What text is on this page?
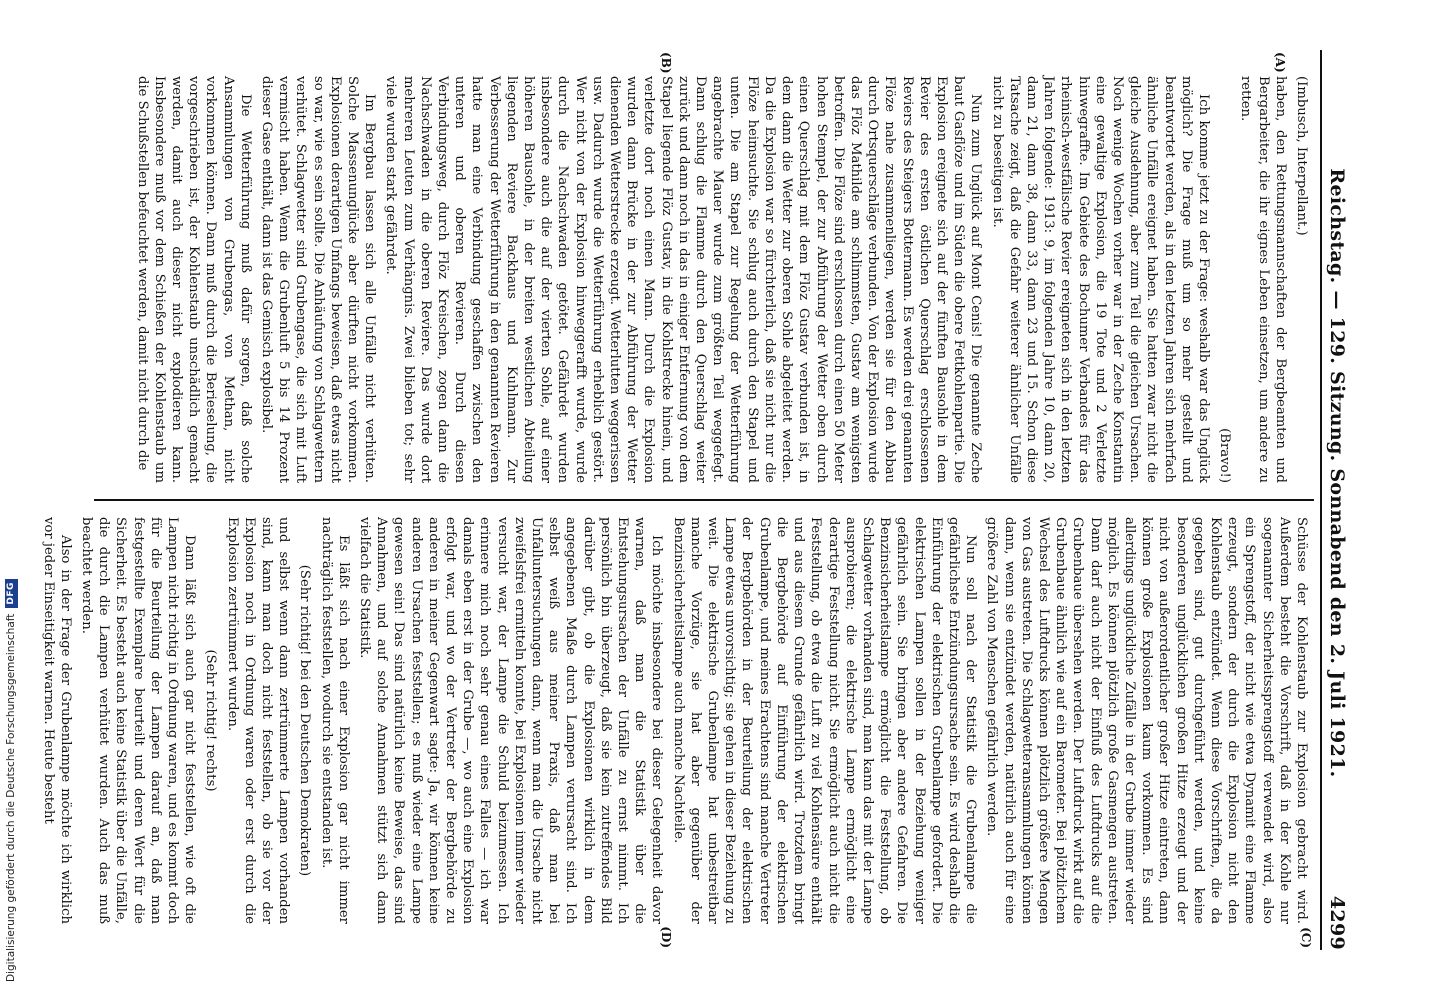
Reichstag. — 129. Sitzung. Sonnabend den 2. Juli 1921.
4299
(A)
(B)

(Imbusch, Interpellant.)

haben, den Rettungsmannschaften der Bergbeamten und Bergarbeiter, die ihr eignes Leben einsetzen, um andere zu retten.

(Bravo!)

Ich komme jetzt zu der Frage: weshalb war das Unglück möglich? Die Frage muß um so mehr gestellt und beantwortet werden, als in den letzten Jahren sich mehrfach ähnliche Unfälle ereignet haben. Sie hatten zwar nicht die gleiche Ausdehnung, aber zum Teil die gleichen Ursachen. Noch wenige Wochen vorher war in der Zeche Konstantin eine gewaltige Explosion, die 19 Tote und 2 Verletzte hinwegraffte. Im Gebiete des Bochumer Verbandes für das rheinisch-westfälische Revier ereigneten sich in den letzten Jahren folgende: 1913: 9, im folgenden Jahre 10, dann 20, dann 21, dann 38, dann 33, dann 23 und 15. Schon diese Tatsache zeigt, daß die Gefahr weiterer ähnlicher Unfälle nicht zu beseitigen ist.

Nun zum Unglück auf Mont Cenis! Die genannte Zeche baut Gasflöze und im Süden die obere Fettkohlenpartie. Die Explosion ereignete sich auf der fünften Bausohle in dem Revier des ersten östlichen Querschlag erschlossenen Reviers des Steigers Bottermann. Es werden drei genannten Flöze nahe zusammenliegen, werden sie für den Abbau durch Ortsquerschläge verbunden. Von der Explosion wurde das Flöz Mathilde am schlimmsten, Gustav am wenigsten betroffen. Die Flöze sind erschlossen durch einen 50 Meter hohen Stempel, der zur Abführung der Wetter oben durch einen Querschlag mit dem Flöz Gustav verbunden ist, in dem dann die Wetter zur oberen Sohle abgeleitet werden. Da die Explosion war so fürchterlich, daß sie nicht nur die Flöze heimsuchte. Sie schlug auch durch den Stapel und unten. Die am Stapel zur Regelung der Wetterführung angebrachte Mauer wurde zum größten Teil weggefegt. Dann schlug die Flamme durch den Querschlag weiter zurück und dann noch in das in einiger Entfernung von dem Stapel liegende Flöz Gustav, in die Kohlstrecke hinein, und verletzte dort noch einen Mann. Durch die Explosion wurden dann Brücke in der zur Abführung der Wetter dienenden Wetterstrecke erzeugt. Wetterlutten weggerissen usw. Dadurch wurde die Wetterführung erheblich gestört. Wer nicht von der Explosion hinweggerafft wurde, wurde durch die Nachschwaden getötet. Gefährdet wurden insbesondere auch die auf der vierten Sohle, auf einer höheren Bausohle, in der breiten westlichen Abteilung liegenden Reviere Backhaus und Kuhlmann. Zur Verbesserung der Wetterführung in den genannten Revieren hatte man eine Verbindung geschaffen zwischen den unteren und oberen Revieren. Durch diesen Verbindungsweg, durch Flöz Kreischen, zogen dann die Nachschwaden in die oberen Reviere. Das wurde dort mehreren Leuten zum Verhängnis. Zwei blieben tot; sehr viele wurden stark gefährdet.

Im Bergbau lassen sich alle Unfälle nicht verhüten. Solche Massenunglücke aber dürften nicht vorkommen. Explosionen derartigen Umfangs beweisen, daß etwas nicht so war, wie es sein sollte. Die Anhäufung von Schlagwettern verhütet. Schlagwetter sind Grubengase, die sich mit Luft vermischt haben. Wenn die Grubenluft 5 bis 14 Prozent dieser Gase enthält, dann ist das Gemisch explosibel.

Die Wetterführung muß dafür sorgen, daß solche Ansammlungen von Grubengas, von Methan, nicht vorkommen können. Dann muß durch die Berieselung, die vorgeschrieben ist, der Kohlenstaub unschädlich gemacht werden, damit auch dieser nicht explodieren kann. Insbesondere muß vor dem Schießen der Kohlenstaub um die Schußstellen befeuchtet werden, damit nicht durch die

(C)
(D)

Schüsse der Kohlenstaub zur Explosion gebracht wird. Außerdem besteht die Vorschrift, daß in der Kohle nur sogenannter Sicherheitssprengstoff verwendet wird, also ein Sprengstoff, der nicht wie etwa Dynamit eine Flamme erzeugt, sondern der durch die Explosion nicht den Kohlenstaub entzündet. Wenn diese Vorschriften, die da gegeben sind, gut durchgeführt werden, und keine besonderen unglücklichen großen Hitze erzeugt und der nicht von außerordentlicher großer Hitze eintreten, dann können große Explosionen kaum vorkommen. Es sind allerdings unglückliche Zufälle in der Grube immer wieder möglich. Es können plötzlich große Gasmengen austreten. Dann darf auch nicht der Einfluß des Luftdrucks auf die Grubenbaue übersehen werden. Der Luftdruck wirkt auf die Grubenbaue ähnlich wie auf ein Barometer. Bei plötzlichem Wechsel des Luftdrucks können plötzlich größere Mengen von Gas austreten. Die Schlagwetteransammlungen können dann, wenn sie entzündet werden, natürlich auch für eine größere Zahl von Menschen gefährlich werden.

Nun soll nach der Statistik die Grubenlampe die gefährlichste Entzündungsursache sein. Es wird deshalb die Einführung der elektrischen Grubenlampe gefordert. Die elektrischen Lampen sollen in der Beziehung weniger gefährlich sein. Sie bringen aber andere Gefahren. Die Benzinsicherheitslampe ermöglicht die Feststellung, ob Schlagwetter vorhanden sind, man kann das mit der Lampe ausprobieren; die elektrische Lampe ermöglicht eine derartige Feststellung nicht. Sie ermöglicht auch nicht die Feststellung, ob etwa die Luft zu viel Kohlensäure enthält und aus diesem Grunde gefährlich wird. Trotzdem bringt die Bergbehörde auf Einführung der elektrischen Grubenlampe, und meines Erachtens sind manche Vertreter der Bergbehörden in der Beurteilung der elektrischen Lampe etwas unvorsichtig; sie gehen in dieser Beziehung zu weit. Die elektrische Grubenlampe hat unbestreitbar manche Vorzüge, sie hat aber gegenüber der Benzinsicherheitslampe auch manche Nachteile.

Ich möchte insbesondere bei dieser Gelegenheit davor warnen, daß man die Statistik über die Entstehungsursachen der Unfälle zu ernst nimmt. Ich persönlich bin überzeugt, daß sie kein zutreffendes Bild darüber gibt, ob die Explosionen wirklich in dem angegebenen Maße durch Lampen verursacht sind. Ich selbst weiß aus meiner Praxis, daß man bei Unfalluntersuchungen dann, wenn man die Ursache nicht zweifelsfrei ermitteln konnte, bei Explosionen immer wieder versucht war, der Lampe die Schuld beizumessen. Ich erinnere mich noch sehr genau eines Falles — ich war damals eben erst in der Grube —, wo auch eine Explosion erfolgt war, und wo der Vertreter der Bergbehörde zu anderen in meiner Gegenwart sagte: Ja, wir können keine anderen Ursachen feststellen; es muß wieder eine Lampe gewesen sein! Das sind natürlich keine Beweise, das sind Annahmen, und auf solche Annahmen stützt sich dann vielfach die Statistik.

Es läßt sich nach einer Explosion gar nicht immer nachträglich feststellen, wodurch sie entstanden ist.

(Sehr richtig! bei den Deutschen Demokraten)

und selbst wenn dann zertrümmerte Lampen vorhanden sind, kann man doch nicht feststellen, ob sie vor der Explosion noch in Ordnung waren oder erst durch die Explosion zertrümmert wurden.

(Sehr richtig! rechts)

Dann läßt sich auch gar nicht feststellen, wie oft die Lampen nicht richtig in Ordnung waren, und es kommt doch für die Beurteilung der Lampen darauf an, daß man festgestellte Exemplare beurteilt und deren Wert für die Sicherheit. Es besteht auch keine Statistik über die Unfälle, die durch die Lampen verhütet wurden. Auch das muß beachtet werden.

Also in der Frage der Grubenlampe möchte ich wirklich vor jeder Einseitigkeit warnen. Heute besteht

Digitalisierung gefördert durch die Deutsche Forschungsgemeinschaft
DFG
